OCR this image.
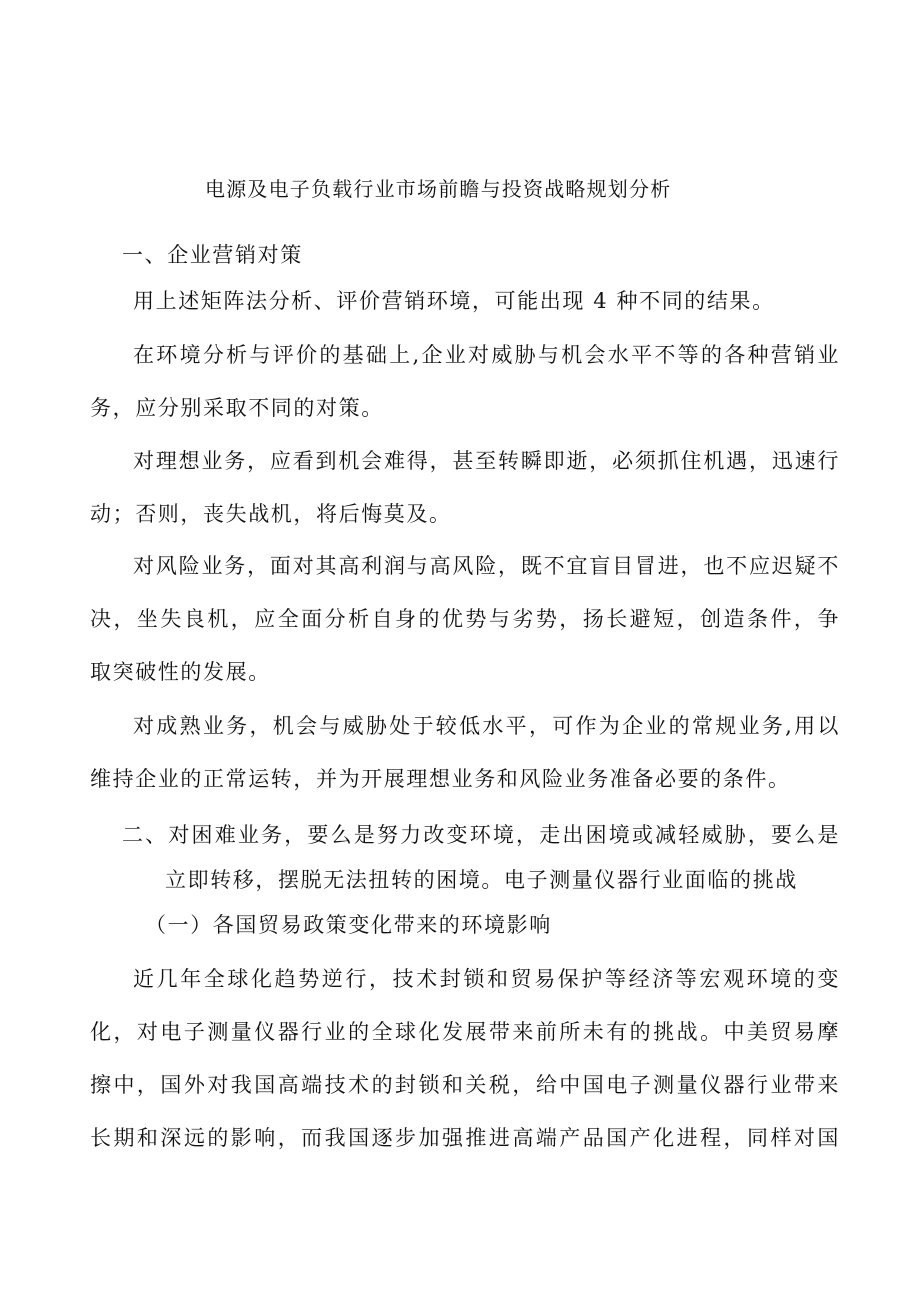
电源及电子负载行业市场前瞻与投资战略规划分析
一、企业营销对策
用上述矩阵法分析、评价营销环境，可能出现 4 种不同的结果。
在环境分析与评价的基础上,企业对威胁与机会水平不等的各种营销业
务，应分别采取不同的对策。
对理想业务，应看到机会难得，甚至转瞬即逝，必须抓住机遇，迅速行
动；否则，丧失战机，将后悔莫及。
对风险业务，面对其高利润与高风险，既不宜盲目冒进，也不应迟疑不
决，坐失良机，应全面分析自身的优势与劣势，扬长避短，创造条件，争
取突破性的发展。
对成熟业务，机会与威胁处于较低水平，可作为企业的常规业务,用以
维持企业的正常运转，并为开展理想业务和风险业务准备必要的条件。
二、对困难业务，要么是努力改变环境，走出困境或减轻威胁，要么是
立即转移，摆脱无法扭转的困境。电子测量仪器行业面临的挑战
（一）各国贸易政策变化带来的环境影响
近几年全球化趋势逆行，技术封锁和贸易保护等经济等宏观环境的变
化，对电子测量仪器行业的全球化发展带来前所未有的挑战。中美贸易摩
擦中，国外对我国高端技术的封锁和关税，给中国电子测量仪器行业带来
长期和深远的影响，而我国逐步加强推进高端产品国产化进程，同样对国
